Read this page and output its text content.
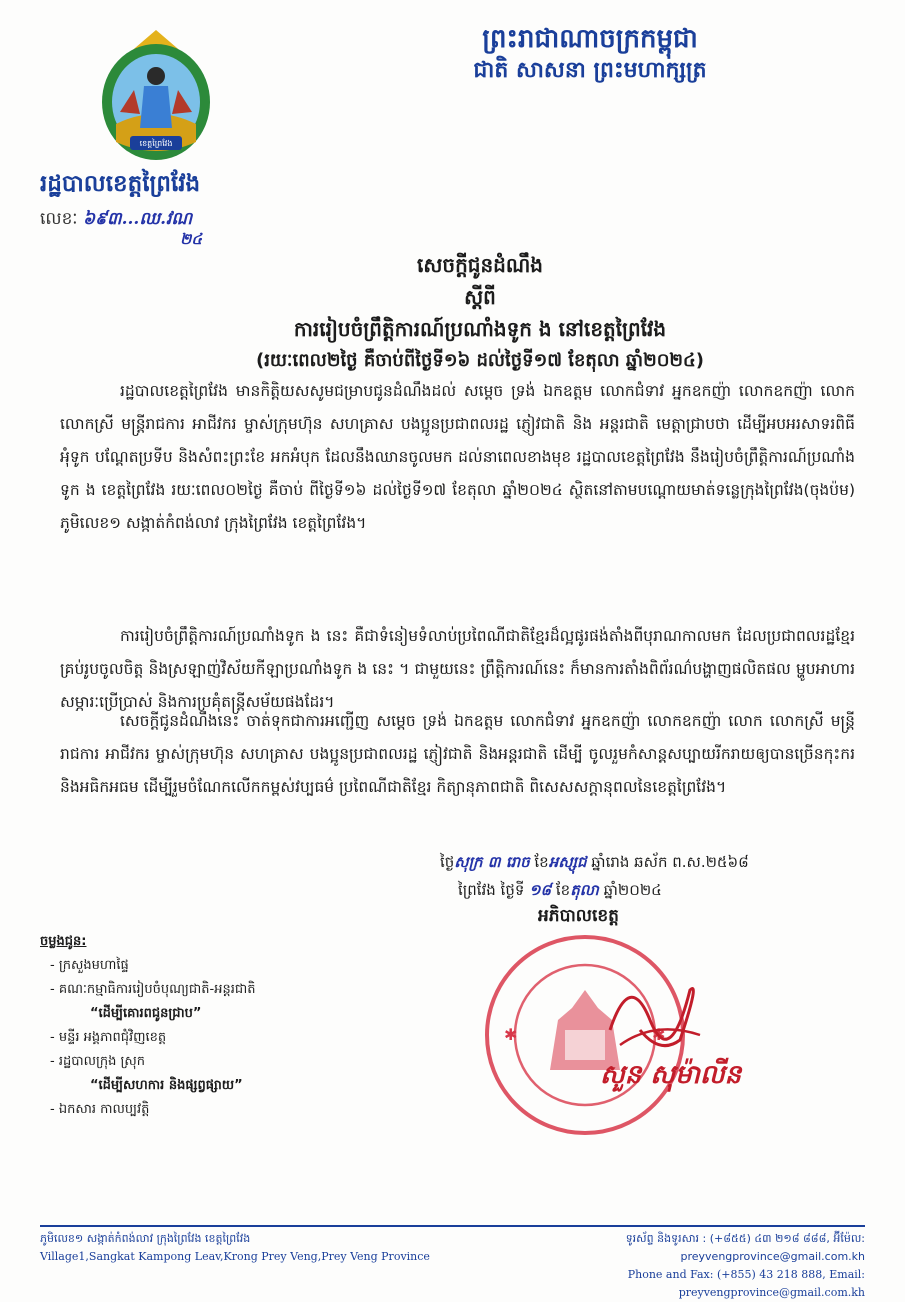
ព្រះរាជាណាចក្រកម្ពុជា
ជាតិ សាសនា ព្រះមហាក្សត្រ
ខេត្តព្រៃវែង
រដ្ឋបាលខេត្តព្រៃវែង
លេខៈ ៦៩៣...ឈ.វណ
២៤
សេចក្តីជូនដំណឹង
ស្តីពី
ការរៀបចំព្រឹត្តិការណ៍ប្រណាំងទូក ង នៅខេត្តព្រៃវែង
(រយៈពេល២ថ្ងៃ គឺចាប់ពីថ្ងៃទី១៦ ដល់ថ្ងៃទី១៧ ខែតុលា ឆ្នាំ២០២៤)
រដ្ឋបាលខេត្តព្រៃវែង មានកិត្តិយសសូមជម្រាបជូនដំណឹងដល់ សម្តេច ទ្រង់ ឯកឧត្តម លោកជំទាវ អ្នកឧកញ៉ា លោកឧកញ៉ា លោក លោកស្រី មន្ត្រីរាជការ អាជីវករ ម្ចាស់ក្រុមហ៊ុន សហគ្រាស បងប្អូនប្រជាពលរដ្ឋ ភ្ញៀវជាតិ និង អន្តរជាតិ មេត្តាជ្រាបថា ដើម្បីអបអរសាទរពិធីអុំទូក បណ្តែតប្រទីប និងសំពះព្រះខែ អកអំបុក ដែលនឹងឈានចូលមក ដល់នាពេលខាងមុខ រដ្ឋបាលខេត្តព្រៃវែង នឹងរៀបចំព្រឹត្តិការណ៍ប្រណាំងទូក ង ខេត្តព្រៃវែង រយៈពេល០២ថ្ងៃ គឺចាប់ ពីថ្ងៃទី១៦ ដល់ថ្ងៃទី១៧ ខែតុលា ឆ្នាំ២០២៤ ស្ថិតនៅតាមបណ្តោយមាត់ទន្លេក្រុងព្រៃវែង(ចុងប៉ម) ភូមិលេខ១ សង្កាត់កំពង់លាវ ក្រុងព្រៃវែង ខេត្តព្រៃវែង។
ការរៀបចំព្រឹត្តិការណ៍ប្រណាំងទូក ង នេះ គឺជាទំនៀមទំលាប់ប្រពៃណីជាតិខ្មែរដ៏ល្អផូរផង់តាំងពីបុរាណកាលមក ដែលប្រជាពលរដ្ឋខ្មែរគ្រប់រូបចូលចិត្ត និងស្រឡាញ់វិស័យកីឡាប្រណាំងទូក ង នេះ ។ ជាមួយនេះ ព្រឹត្តិការណ៍នេះ ក៏មានការតាំងពិព័រណ៌បង្ហាញផលិតផល ម្ហូបអាហារ សម្ភារៈប្រើប្រាស់ និងការប្រគុំតន្ត្រីសម័យផងដែរ។
សេចក្តីជូនដំណឹងនេះ ចាត់ទុកជាការអញ្ជើញ សម្តេច ទ្រង់ ឯកឧត្តម លោកជំទាវ អ្នកឧកញ៉ា លោកឧកញ៉ា លោក លោកស្រី មន្ត្រីរាជការ អាជីវករ ម្ចាស់ក្រុមហ៊ុន សហគ្រាស បងប្អូនប្រជាពលរដ្ឋ ភ្ញៀវជាតិ និងអន្តរជាតិ ដើម្បី ចូលរួមកំសាន្តសប្បាយរីករាយឲ្យបានច្រើនកុះករ និងអធិកអធម ដើម្បីរួមចំណែកលើកកម្ពស់វប្បធម៌ ប្រពៃណីជាតិខ្មែរ កិត្យានុភាពជាតិ ពិសេសសក្តានុពលនៃខេត្តព្រៃវែង។
ថ្ងៃសុក្រ ៣ រោច ខែអស្សុជ ឆ្នាំរោង ឆស័ក ព.ស.២៥៦៨
ព្រៃវែង ថ្ងៃទី ១៨ ខែតុលា ឆ្នាំ២០២៤
អភិបាលខេត្ត
✱	✱
សួន សុម៉ាលីន
ចម្លងជូន:
- ក្រសួងមហាផ្ទៃ
- គណៈកម្មាធិការរៀបចំបុណ្យជាតិ-អន្តរជាតិ
“ដើម្បីគោរពជូនជ្រាប”
- មន្ទីរ អង្គភាពជុំវិញខេត្ត
- រដ្ឋបាលក្រុង ស្រុក
“ដើម្បីសហការ និងផ្សព្វផ្សាយ”
- ឯកសារ កាលប្បវត្តិ
ភូមិលេខ១ សង្កាត់កំពង់លាវ ក្រុងព្រៃវែង ខេត្តព្រៃវែង
Village1,Sangkat Kampong Leav,Krong Prey Veng,Prey Veng Province
ទូរស័ព្ទ និងទូរសារ : (+៨៥៥) ៤៣ ២១៨ ៨៨៨, អ៊ីម៉ែល: preyvengprovince@gmail.com.kh
Phone and Fax: (+855) 43 218 888, Email: preyvengprovince@gmail.com.kh
